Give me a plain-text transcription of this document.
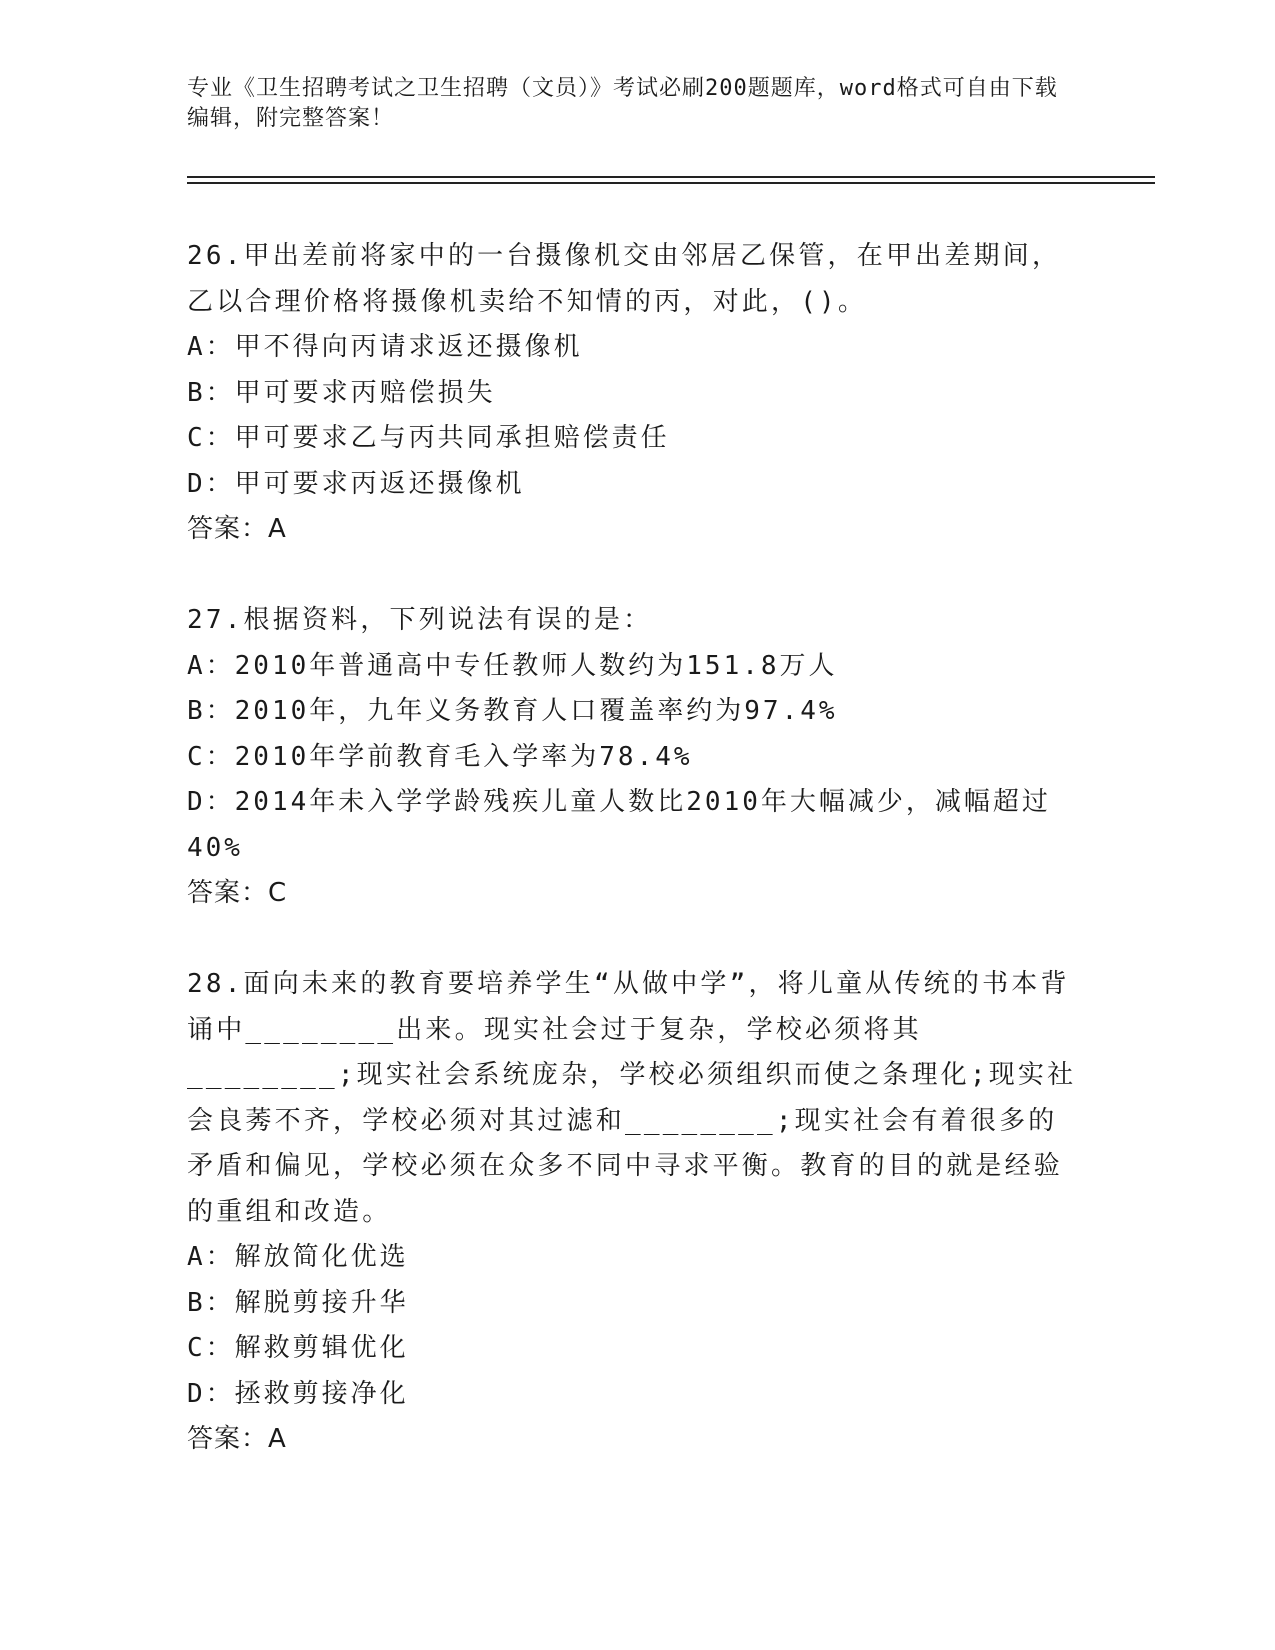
专业《卫生招聘考试之卫生招聘（文员）》考试必刷200题题库，word格式可自由下载编辑，附完整答案！

26.甲出差前将家中的一台摄像机交由邻居乙保管，在甲出差期间，乙以合理价格将摄像机卖给不知情的丙，对此，()。

A：甲不得向丙请求返还摄像机

B：甲可要求丙赔偿损失

C：甲可要求乙与丙共同承担赔偿责任

D：甲可要求丙返还摄像机

答案：A

27.根据资料，下列说法有误的是：

A：2010年普通高中专任教师人数约为151.8万人

B：2010年，九年义务教育人口覆盖率约为97.4%

C：2010年学前教育毛入学率为78.4%

D：2014年未入学学龄残疾儿童人数比2010年大幅减少，减幅超过40%

答案：C

28.面向未来的教育要培养学生“从做中学”，将儿童从传统的书本背诵中________出来。现实社会过于复杂，学校必须将其________;现实社会系统庞杂，学校必须组织而使之条理化;现实社会良莠不齐，学校必须对其过滤和________;现实社会有着很多的矛盾和偏见，学校必须在众多不同中寻求平衡。教育的目的就是经验的重组和改造。

A：解放简化优选

B：解脱剪接升华

C：解救剪辑优化

D：拯救剪接净化

答案：A
